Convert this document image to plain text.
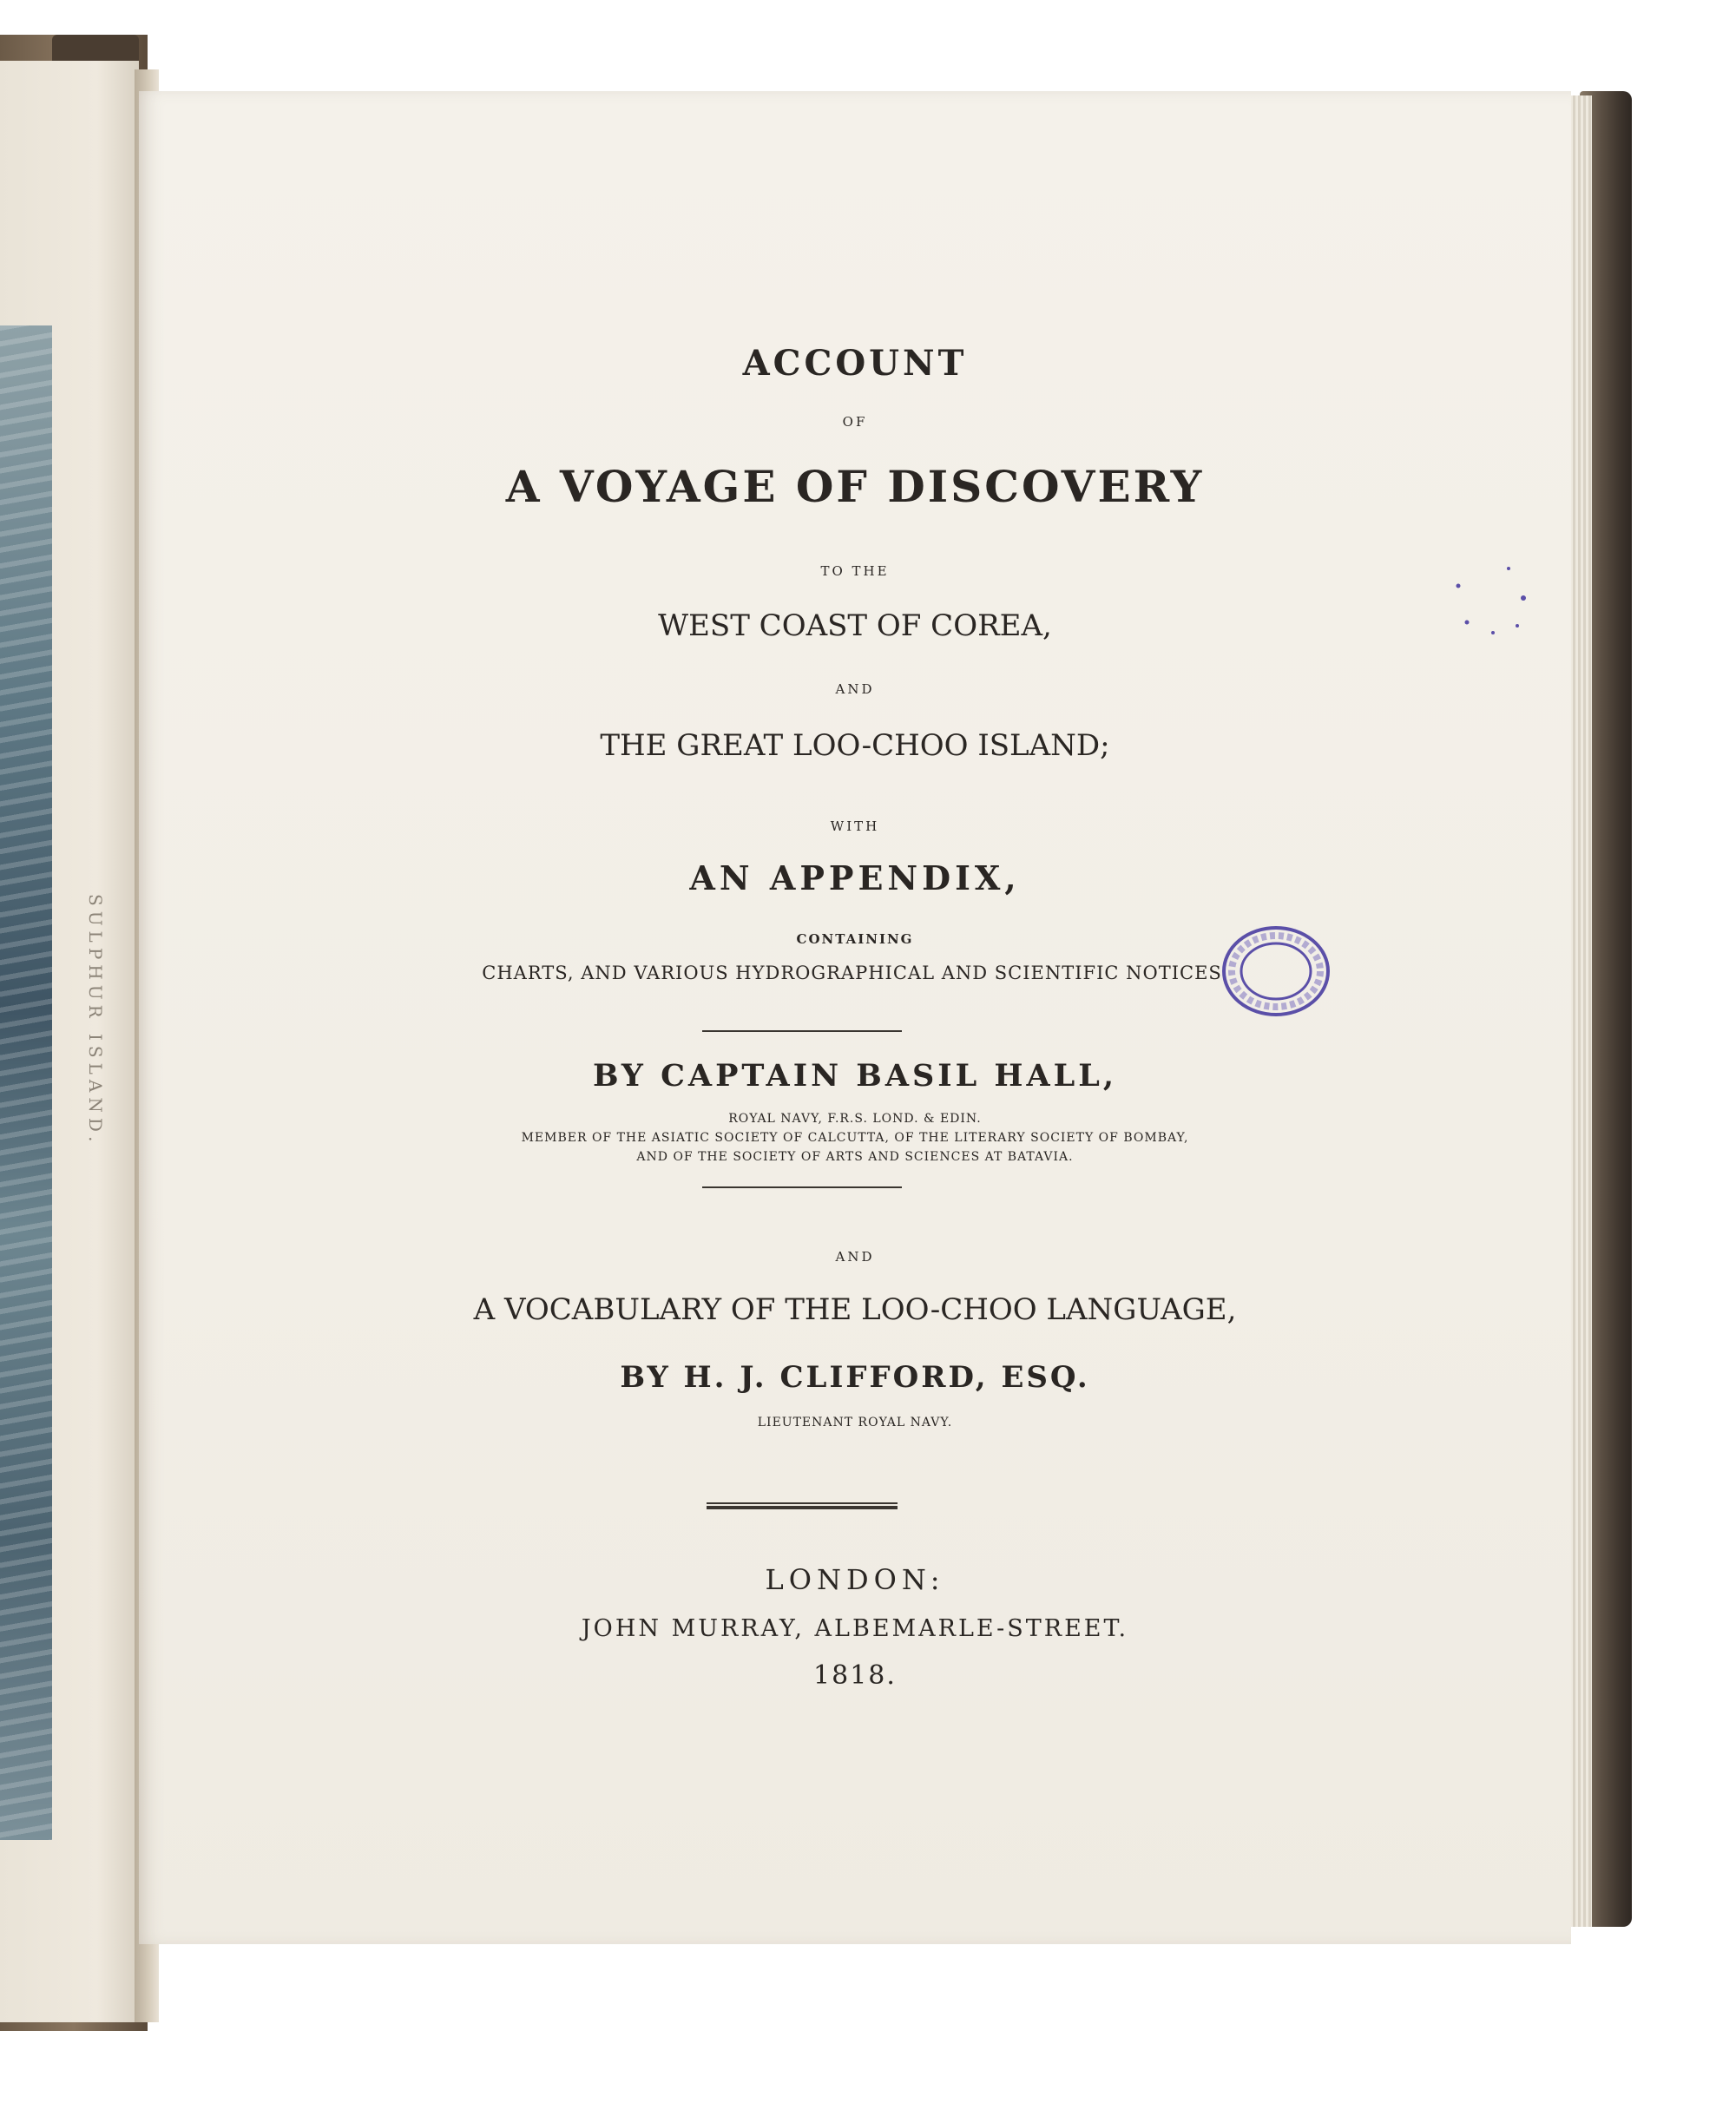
SULPHUR ISLAND.
ACCOUNT
OF
A VOYAGE OF DISCOVERY
TO THE
WEST COAST OF COREA,
AND
THE GREAT LOO-CHOO ISLAND;
WITH
AN APPENDIX,
CONTAINING
CHARTS, AND VARIOUS HYDROGRAPHICAL AND SCIENTIFIC NOTICES.
BY CAPTAIN BASIL HALL,
ROYAL NAVY, F.R.S. LOND. & EDIN.
MEMBER OF THE ASIATIC SOCIETY OF CALCUTTA, OF THE LITERARY SOCIETY OF BOMBAY,
AND OF THE SOCIETY OF ARTS AND SCIENCES AT BATAVIA.
AND
A VOCABULARY OF THE LOO-CHOO LANGUAGE,
BY H. J. CLIFFORD, ESQ.
LIEUTENANT ROYAL NAVY.
LONDON:
JOHN MURRAY, ALBEMARLE-STREET.
1818.
